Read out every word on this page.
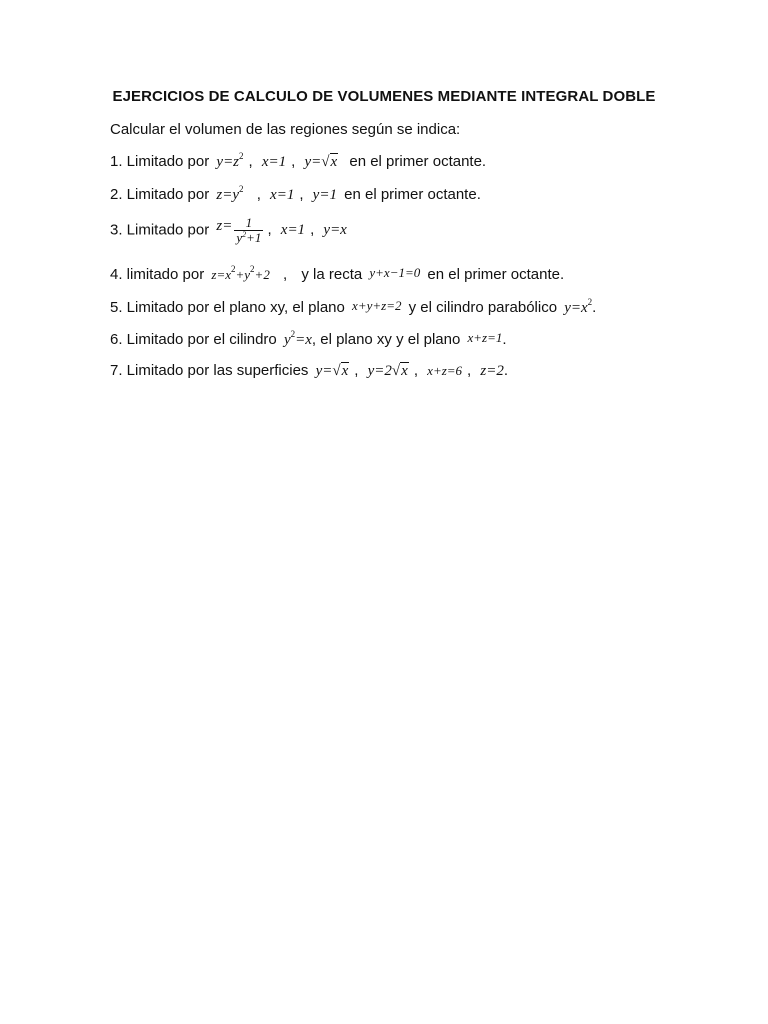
EJERCICIOS DE CALCULO DE VOLUMENES MEDIANTE INTEGRAL DOBLE
Calcular el volumen de las regiones según se indica:
1. Limitado por $y=z^2$ , x=1 , y=√x en el primer octante.
2. Limitado por $z=y^2$ , x=1 , y=1 en el primer octante.
3. Limitado por $z= \frac{1}{y^2+1}$ , x=1 , y=x
4. limitado por $z=x^2+y^2+2$ , y la recta y+x−1=0 en el primer octante.
5. Limitado por el plano xy, el plano x+y+z=2 y el cilindro parabólico $y=x^2$.
6. Limitado por el cilindro $y^2=x$, el plano xy y el plano x+z=1.
7. Limitado por las superficies y=√x , y=2√x , x+z=6 , z=2.
